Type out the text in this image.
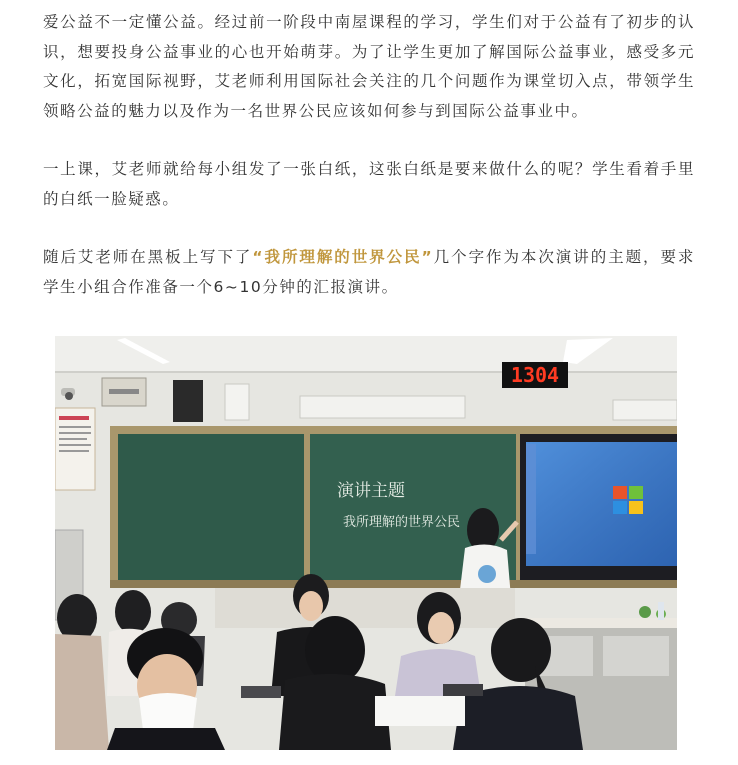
爱公益不一定懂公益。经过前一阶段中南屋课程的学习，学生们对于公益有了初步的认识，想要投身公益事业的心也开始萌芽。为了让学生更加了解国际公益事业，感受多元文化，拓宽国际视野，艾老师利用国际社会关注的几个问题作为课堂切入点，带领学生领略公益的魅力以及作为一名世界公民应该如何参与到国际公益事业中。

一上课，艾老师就给每小组发了一张白纸，这张白纸是要来做什么的呢？学生看着手里的白纸一脸疑惑。

随后艾老师在黑板上写下了“我所理解的世界公民”几个字作为本次演讲的主题，要求学生小组合作准备一个6~10分钟的汇报演讲。

1304
演讲主题
我所理解的世界公民
